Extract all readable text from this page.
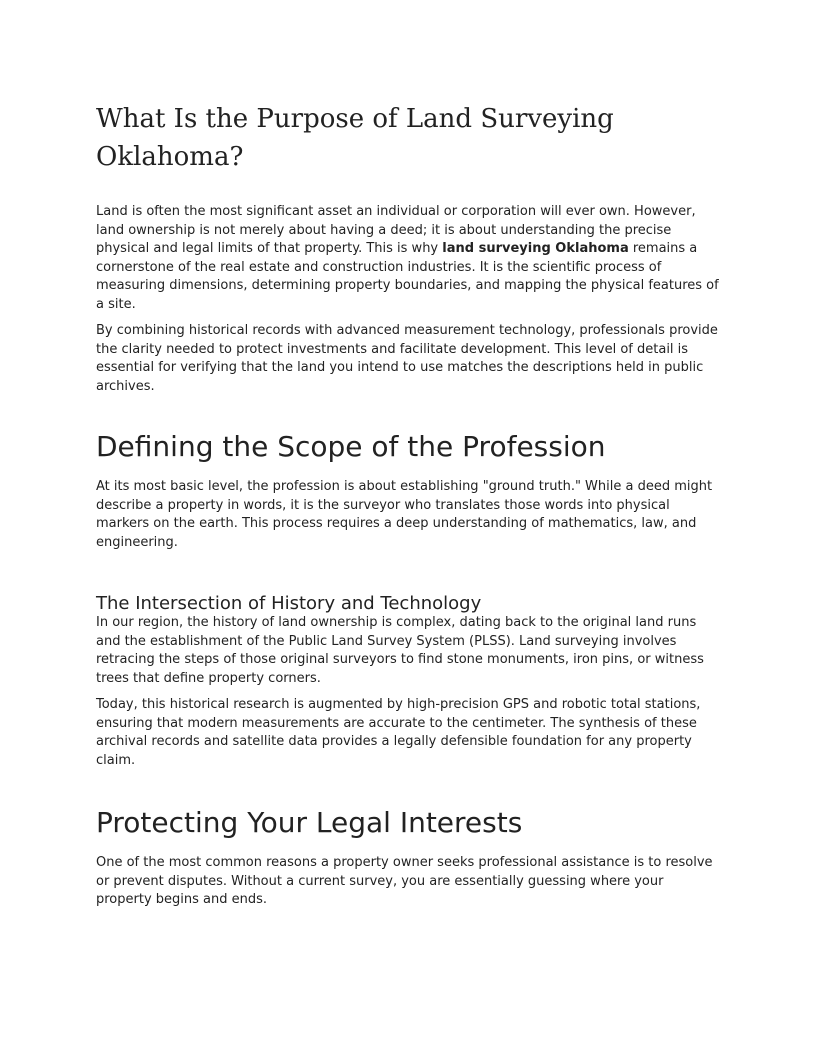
What Is the Purpose of Land Surveying Oklahoma?

Land is often the most significant asset an individual or corporation will ever own. However, land ownership is not merely about having a deed; it is about understanding the precise physical and legal limits of that property. This is why land surveying Oklahoma remains a cornerstone of the real estate and construction industries. It is the scientific process of measuring dimensions, determining property boundaries, and mapping the physical features of a site.

By combining historical records with advanced measurement technology, professionals provide the clarity needed to protect investments and facilitate development. This level of detail is essential for verifying that the land you intend to use matches the descriptions held in public archives.

Defining the Scope of the Profession

At its most basic level, the profession is about establishing "ground truth." While a deed might describe a property in words, it is the surveyor who translates those words into physical markers on the earth. This process requires a deep understanding of mathematics, law, and engineering.

The Intersection of History and Technology

In our region, the history of land ownership is complex, dating back to the original land runs and the establishment of the Public Land Survey System (PLSS). Land surveying involves retracing the steps of those original surveyors to find stone monuments, iron pins, or witness trees that define property corners.

Today, this historical research is augmented by high-precision GPS and robotic total stations, ensuring that modern measurements are accurate to the centimeter. The synthesis of these archival records and satellite data provides a legally defensible foundation for any property claim.

Protecting Your Legal Interests

One of the most common reasons a property owner seeks professional assistance is to resolve or prevent disputes. Without a current survey, you are essentially guessing where your property begins and ends.
